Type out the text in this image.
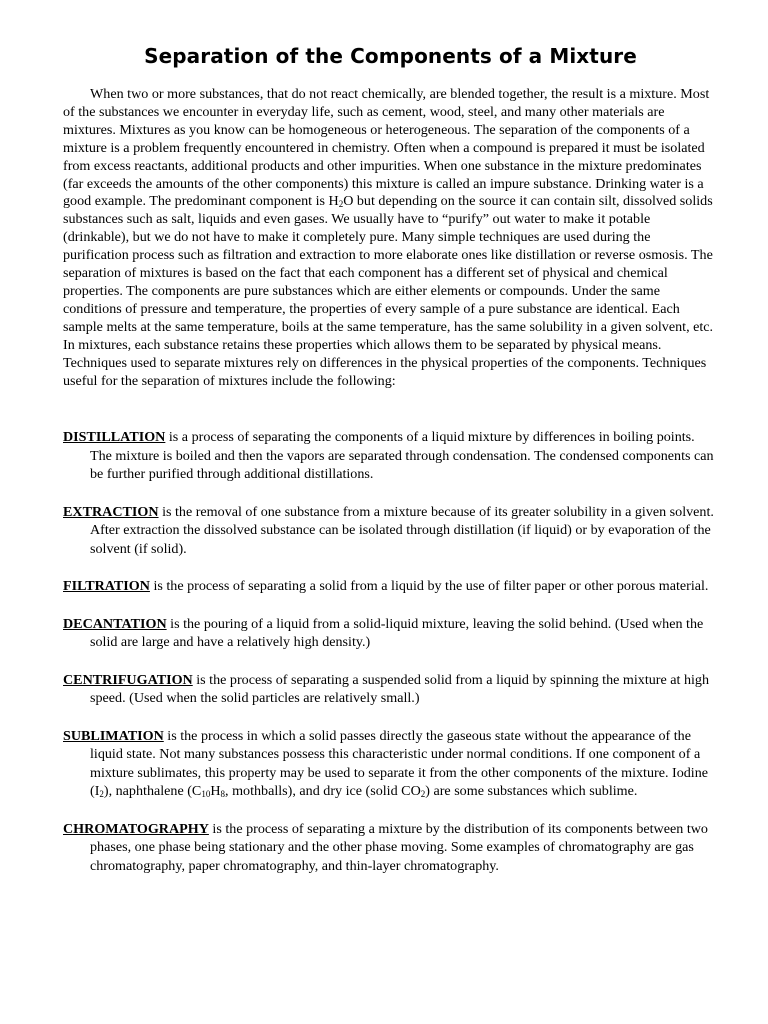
Separation of the Components of a Mixture

When two or more substances, that do not react chemically, are blended together, the result is a mixture. Most of the substances we encounter in everyday life, such as cement, wood, steel, and many other materials are mixtures. Mixtures as you know can be homogeneous or heterogeneous. The separation of the components of a mixture is a problem frequently encountered in chemistry. Often when a compound is prepared it must be isolated from excess reactants, additional products and other impurities. When one substance in the mixture predominates (far exceeds the amounts of the other components) this mixture is called an impure substance. Drinking water is a good example. The predominant component is $H_2O$ but depending on the source it can contain silt, dissolved solids substances such as salt, liquids and even gases. We usually have to “purify” out water to make it potable (drinkable), but we do not have to make it completely pure. Many simple techniques are used during the purification process such as filtration and extraction to more elaborate ones like distillation or reverse osmosis. The separation of mixtures is based on the fact that each component has a different set of physical and chemical properties. The components are pure substances which are either elements or compounds. Under the same conditions of pressure and temperature, the properties of every sample of a pure substance are identical. Each sample melts at the same temperature, boils at the same temperature, has the same solubility in a given solvent, etc. In mixtures, each substance retains these properties which allows them to be separated by physical means. Techniques used to separate mixtures rely on differences in the physical properties of the components. Techniques useful for the separation of mixtures include the following:

DISTILLATION is a process of separating the components of a liquid mixture by differences in boiling points. The mixture is boiled and then the vapors are separated through condensation. The condensed components can be further purified through additional distillations.

EXTRACTION is the removal of one substance from a mixture because of its greater solubility in a given solvent. After extraction the dissolved substance can be isolated through distillation (if liquid) or by evaporation of the solvent (if solid).

FILTRATION is the process of separating a solid from a liquid by the use of filter paper or other porous material.

DECANTATION is the pouring of a liquid from a solid-liquid mixture, leaving the solid behind. (Used when the solid are large and have a relatively high density.)

CENTRIFUGATION is the process of separating a suspended solid from a liquid by spinning the mixture at high speed. (Used when the solid particles are relatively small.)

SUBLIMATION is the process in which a solid passes directly the gaseous state without the appearance of the liquid state. Not many substances possess this characteristic under normal conditions. If one component of a mixture sublimates, this property may be used to separate it from the other components of the mixture. Iodine $(I_2)$, naphthalene ($C_{10}H_8$, mothballs), and dry ice (solid $CO_2$) are some substances which sublime.

CHROMATOGRAPHY is the process of separating a mixture by the distribution of its components between two phases, one phase being stationary and the other phase moving. Some examples of chromatography are gas chromatography, paper chromatography, and thin-layer chromatography.
